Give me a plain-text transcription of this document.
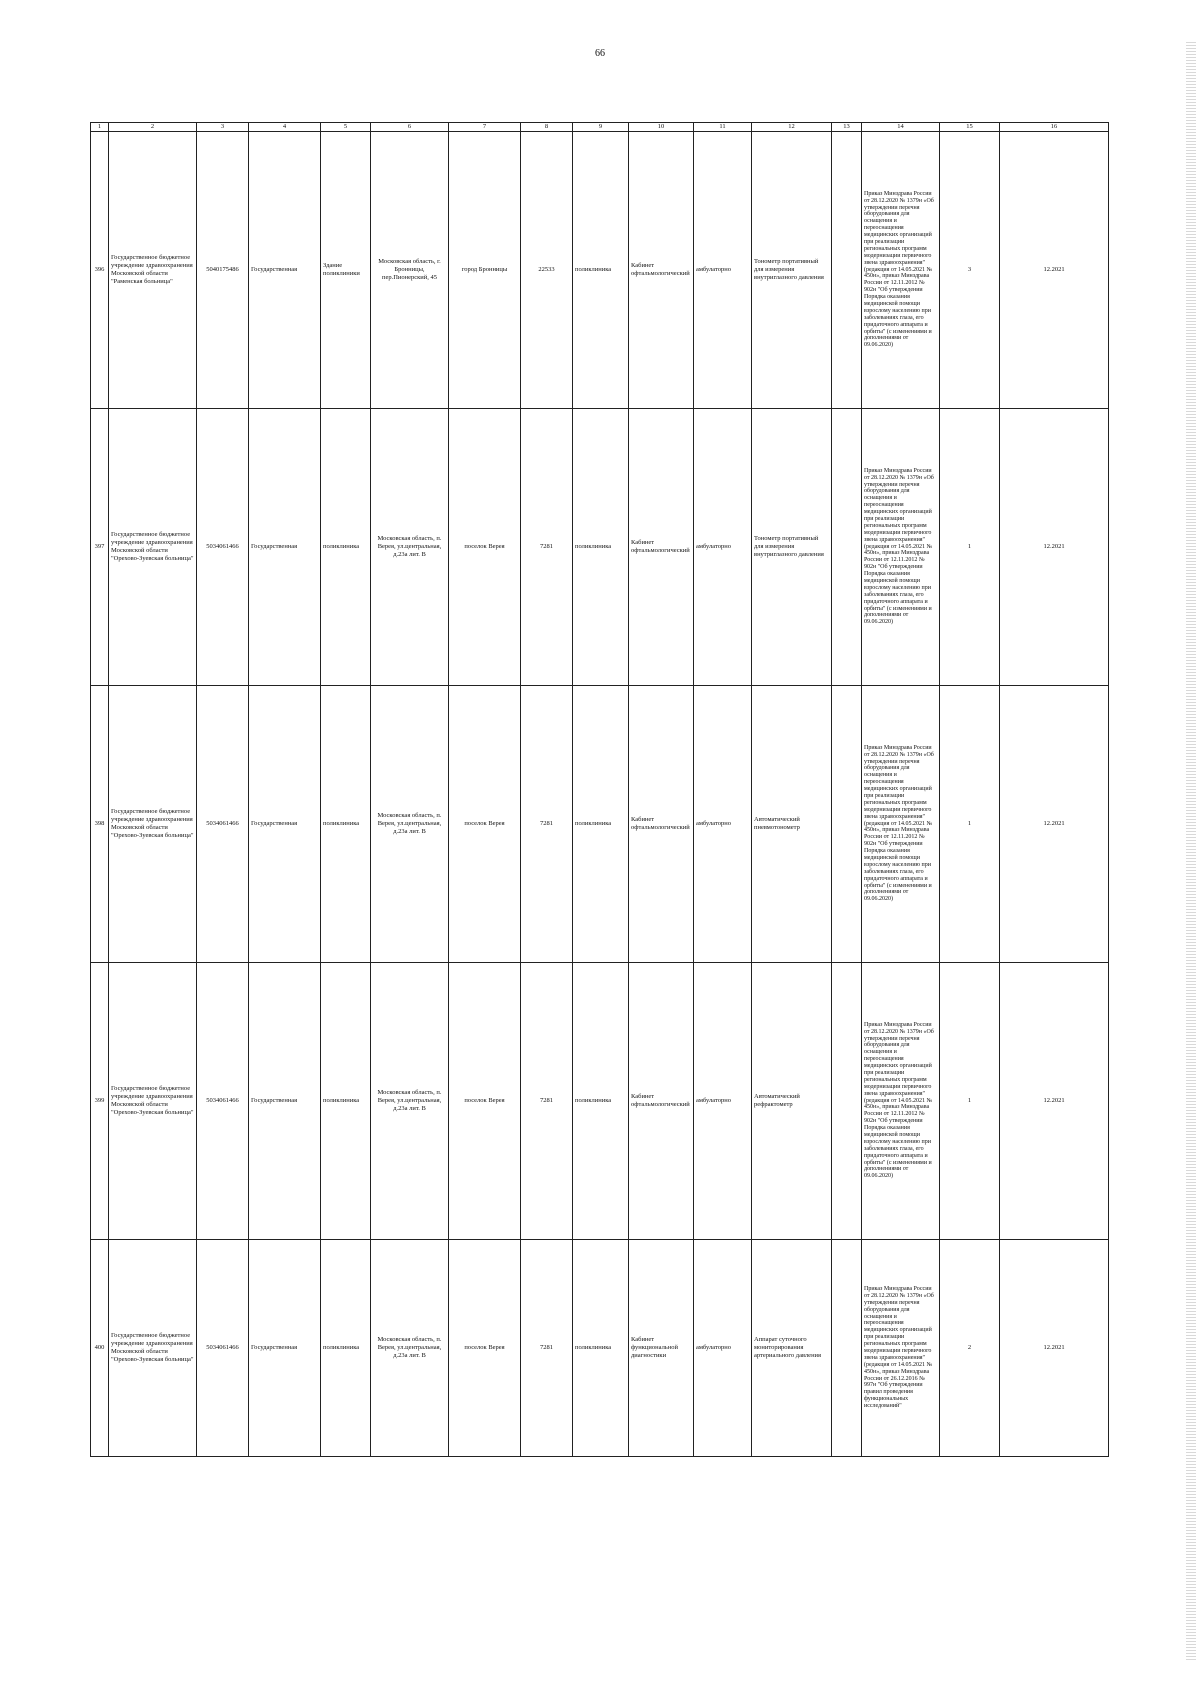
66
1	2	3	4	5	6	7	8	9	10	11	12	13	14	15	16
396	Государственное бюджетное учреждение здравоохранения Московской области "Раменская больница"	5040175486	Государственная	Здание поликлиники	Московская область, г. Бронницы, пер.Пионерский, 45	город Бронницы	22533	поликлиника	Кабинет офтальмологический	амбулаторно	Тонометр портативный для измерения внутриглазного давления		Приказ Минздрава России от 28.12.2020 № 1379н «Об утверждении перечня оборудования для оснащения и переоснащения медицинских организаций при реализации региональных программ модернизации первичного звена здравоохранения"(редакция от 14.05.2021 № 450н», приказ Минздрава России от 12.11.2012 № 902н "Об утверждении Порядка оказания медицинской помощи взрослому населению при заболеваниях глаза, его придаточного аппарата и орбиты" (с изменениями и дополнениями от 09.06.2020)	3	12.2021
397	Государственное бюджетное учреждение здравоохранения Московской области "Орехово-Зуевская больница"	5034061466	Государственная	поликлиника	Московская область, п. Верея, ул.центральная, д.23а лит. В	поселок Верея	7281	поликлиника	Кабинет офтальмологический	амбулаторно	Тонометр портативный для измерения внутриглазного давления		Приказ Минздрава России от 28.12.2020 № 1379н «Об утверждении перечня оборудования для оснащения и переоснащения медицинских организаций при реализации региональных программ модернизации первичного звена здравоохранения"(редакция от 14.05.2021 № 450н», приказ Минздрава России от 12.11.2012 № 902н "Об утверждении Порядка оказания медицинской помощи взрослому населению при заболеваниях глаза, его придаточного аппарата и орбиты" (с изменениями и дополнениями от 09.06.2020)	1	12.2021
398	Государственное бюджетное учреждение здравоохранения Московской области "Орехово-Зуевская больница"	5034061466	Государственная	поликлиника	Московская область, п. Верея, ул.центральная, д.23а лит. В	поселок Верея	7281	поликлиника	Кабинет офтальмологический	амбулаторно	Автоматический пневмотонометр		Приказ Минздрава России от 28.12.2020 № 1379н «Об утверждении перечня оборудования для оснащения и переоснащения медицинских организаций при реализации региональных программ модернизации первичного звена здравоохранения"(редакция от 14.05.2021 № 450н», приказ Минздрава России от 12.11.2012 № 902н "Об утверждении Порядка оказания медицинской помощи взрослому населению при заболеваниях глаза, его придаточного аппарата и орбиты" (с изменениями и дополнениями от 09.06.2020)	1	12.2021
399	Государственное бюджетное учреждение здравоохранения Московской области "Орехово-Зуевская больница"	5034061466	Государственная	поликлиника	Московская область, п. Верея, ул.центральная, д.23а лит. В	поселок Верея	7281	поликлиника	Кабинет офтальмологический	амбулаторно	Автоматический рефрактометр		Приказ Минздрава России от 28.12.2020 № 1379н «Об утверждении перечня оборудования для оснащения и переоснащения медицинских организаций при реализации региональных программ модернизации первичного звена здравоохранения"(редакция от 14.05.2021 № 450н», приказ Минздрава России от 12.11.2012 № 902н "Об утверждении Порядка оказания медицинской помощи взрослому населению при заболеваниях глаза, его придаточного аппарата и орбиты" (с изменениями и дополнениями от 09.06.2020)	1	12.2021
400	Государственное бюджетное учреждение здравоохранения Московской области "Орехово-Зуевская больница"	5034061466	Государственная	поликлиника	Московская область, п. Верея, ул.центральная, д.23а лит. В	поселок Верея	7281	поликлиника	Кабинет функциональной диагностики	амбулаторно	Аппарат суточного мониторирования артериального давления		Приказ Минздрава России от 28.12.2020 № 1379н «Об утверждении перечня оборудования для оснащения и переоснащения медицинских организаций при реализации региональных программ модернизации первичного звена здравоохранения"(редакция от 14.05.2021 № 450н», приказ Минздрава России от 26.12.2016 № 997н "Об утверждении правил проведения функциональных исследований"	2	12.2021
